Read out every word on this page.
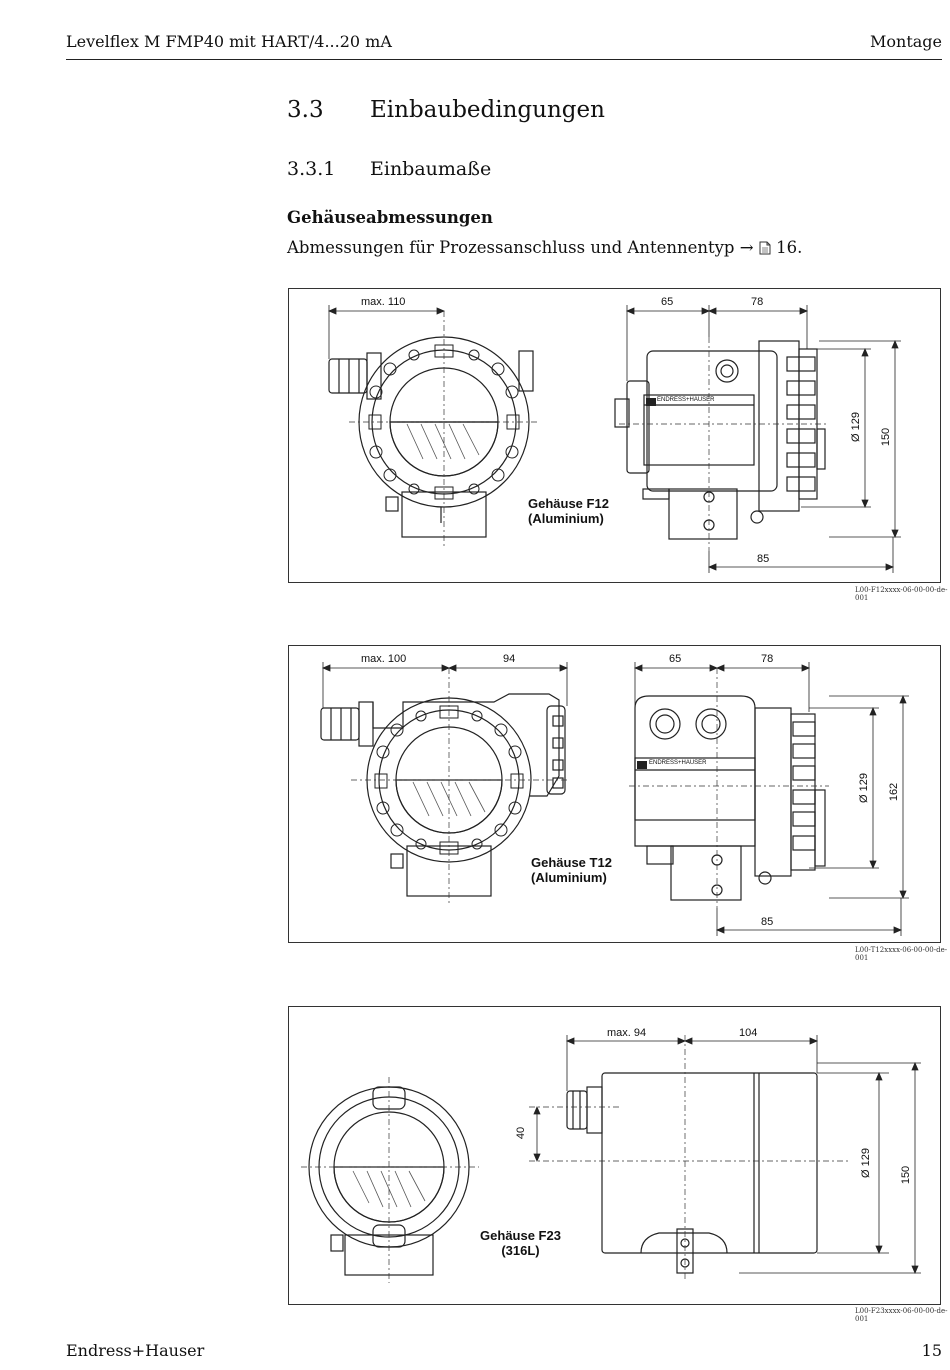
Levelflex M FMP40 mit HART/4...20 mA	Montage
3.3 Einbaubedingungen
3.3.1 Einbaumaße
Gehäuseabmessungen
Abmessungen für Prozessanschluss und Antennentyp → 16.
max. 110	65	78
85
Ø 129 150
ENDRESS+HAUSER
Gehäuse F12
(Aluminium)
L00-F12xxxx-06-00-00-de-001
max. 100	94	65	78
85
Ø 129 162
ENDRESS+HAUSER
Gehäuse T12
(Aluminium)
L00-T12xxxx-06-00-00-de-001
max. 94	104
40
Ø 129	150
Gehäuse F23
(316L)
L00-F23xxxx-06-00-00-de-001
Endress+Hauser	15
